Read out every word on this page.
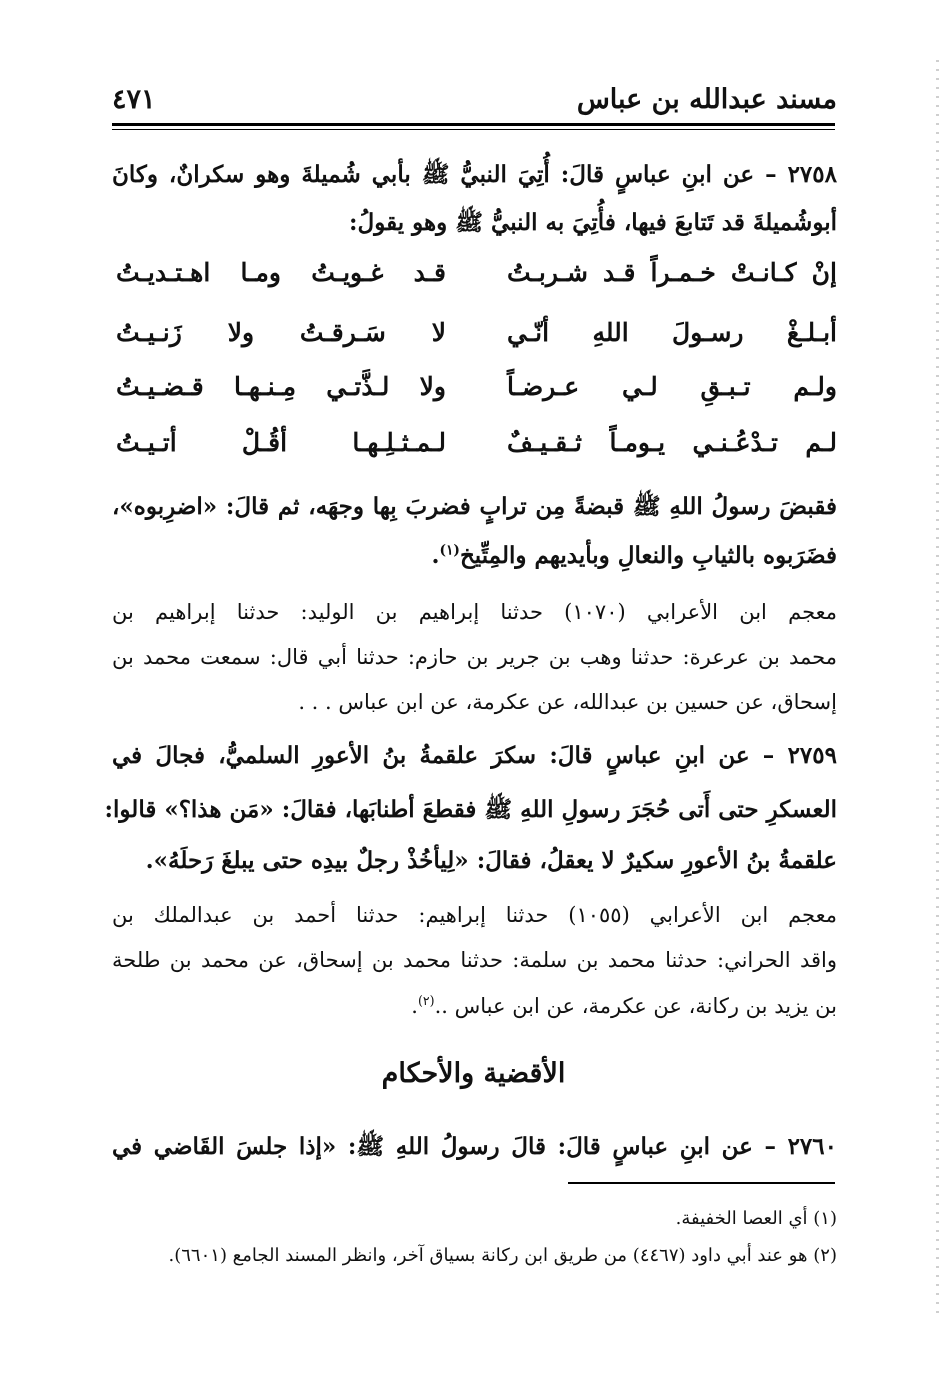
مسند عبدالله بن عباس
٤٧١
٢٧٥٨ – عن ابنِ عباسٍ قالَ: أُتِيَ النبيُّ ﷺ بأبي شُميلةَ وهو سكرانٌ، وكانَ
أبوشُميلةَ قد تَتابعَ فيها، فأُتِيَ به النبيُّ ﷺ وهو يقولُ:
إنْ كـانـتْ خـمـراً قـد شـربـتُ
قـد غـويـتُ ومـا اهـتـديـتُ
أبـلـغْ رسـولَ اللهِ أنّـي
لا سَـرقـتُ ولا زَنـيـتُ
ولـم تـبـقِ لـي عـرضـاً
ولا لـذَّتـي مِـنـهـا قـضـيـتُ
لـم تـدْعُـنـي يـومـاً ثـقـيـفٌ
لـمـثـلِـهـا أقُـلْ أتـيـتُ
فقبضَ رسولُ اللهِ ﷺ قبضةً مِن ترابٍ فضربَ بِها وجهَه، ثم قالَ: «اضرِبوه»،
فضَرَبوه بالثيابِ والنعالِ وبأيديهم والمِتِّيخ$^{(١)}$.
معجم ابن الأعرابي (١٠٧٠) حدثنا إبراهيم بن الوليد: حدثنا إبراهيم بن
محمد بن عرعرة: حدثنا وهب بن جرير بن حازم: حدثنا أبي قال: سمعت محمد بن
إسحاق، عن حسين بن عبدالله، عن عكرمة، عن ابن عباس . . .
٢٧٥٩ – عن ابنِ عباسٍ قالَ: سكرَ علقمةُ بنُ الأعورِ السلميُّ، فجالَ في
العسكرِ حتى أَتى حُجَرَ رسولِ اللهِ ﷺ فقطعَ أطنابَها، فقالَ: «مَن هذا؟» قالوا:
علقمةُ بنُ الأعورِ سكيرٌ لا يعقلُ، فقالَ: «لِيأخُذْ رجلٌ بيدِه حتى يبلغَ رَحلَهُ».
معجم ابن الأعرابي (١٠٥٥) حدثنا إبراهيم: حدثنا أحمد بن عبدالملك بن
واقد الحراني: حدثنا محمد بن سلمة: حدثنا محمد بن إسحاق، عن محمد بن طلحة
بن يزيد بن ركانة، عن عكرمة، عن ابن عباس ..$^{(٢)}$.
الأقضية والأحكام
٢٧٦٠ – عن ابنِ عباسٍ قالَ: قالَ رسولُ اللهِ ﷺ: «إذا جلسَ القَاضي في
(١) أي العصا الخفيفة.
(٢) هو عند أبي داود (٤٤٦٧) من طريق ابن ركانة بسياق آخر، وانظر المسند الجامع (٦٦٠١).
